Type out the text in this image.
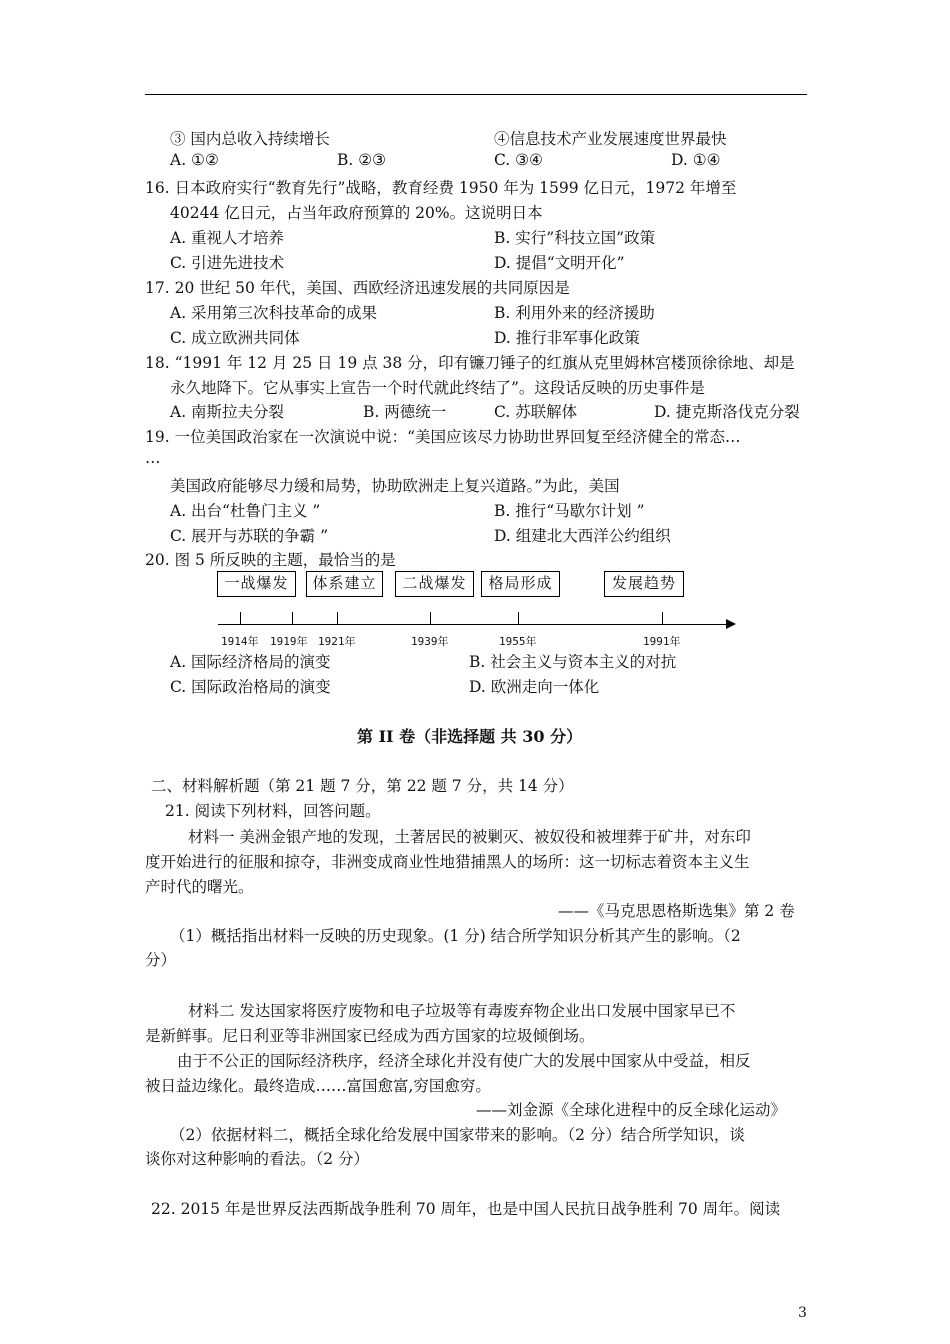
③ 国内总收入持续增长	④信息技术产业发展速度世界最快
A. ①②	B. ②③	C. ③④	D. ①④
16. 日本政府实行“教育先行”战略，教育经费 1950 年为 1599 亿日元，1972 年增至
40244 亿日元，占当年政府预算的 20%。这说明日本
A. 重视人才培养	B. 实行”科技立国”政策
C. 引进先进技术	D. 提倡“文明开化”
17. 20 世纪 50 年代，美国、西欧经济迅速发展的共同原因是
A. 采用第三次科技革命的成果	B. 利用外来的经济援助
C. 成立欧洲共同体	D. 推行非军事化政策
18. “1991 年 12 月 25 日 19 点 38 分，印有镰刀锤子的红旗从克里姆林宫楼顶徐徐地、却是
永久地降下。它从事实上宣告一个时代就此终结了”。这段话反映的历史事件是
A. 南斯拉夫分裂	B. 两德统一	C. 苏联解体	D. 捷克斯洛伐克分裂
19. 一位美国政治家在一次演说中说：“美国应该尽力协助世界回复至经济健全的常态…
…
美国政府能够尽力缓和局势，协助欧洲走上复兴道路。”为此，美国
A. 出台“杜鲁门主义 ”	B. 推行“马歇尔计划 ”
C. 展开与苏联的争霸 ”	D. 组建北大西洋公约组织
20. 图 5 所反映的主题，最恰当的是
一战爆发	体系建立	二战爆发	格局形成	发展趋势
1914年 1919年 1921年	1939年	1955年	1991年
A. 国际经济格局的演变	B. 社会主义与资本主义的对抗
C. 国际政治格局的演变	D. 欧洲走向一体化
第 II 卷（非选择题 共 30 分）
二、材料解析题（第 21 题 7 分，第 22 题 7 分，共 14 分）
21. 阅读下列材料，回答问题。
材料一 美洲金银产地的发现，土著居民的被剿灭、被奴役和被埋葬于矿井，对东印
度开始进行的征服和掠夺，非洲变成商业性地猎捕黑人的场所：这一切标志着资本主义生
产时代的曙光。
——《马克思恩格斯选集》第 2 卷
（1）概括指出材料一反映的历史现象。(1 分) 结合所学知识分析其产生的影响。（2
分）
材料二 发达国家将医疗废物和电子垃圾等有毒废弃物企业出口发展中国家早已不
是新鲜事。尼日利亚等非洲国家已经成为西方国家的垃圾倾倒场。
由于不公正的国际经济秩序，经济全球化并没有使广大的发展中国家从中受益，相反
被日益边缘化。最终造成……富国愈富,穷国愈穷。
——刘金源《全球化进程中的反全球化运动》
（2）依据材料二，概括全球化给发展中国家带来的影响。（2 分）结合所学知识，谈
谈你对这种影响的看法。（2 分）
22. 2015 年是世界反法西斯战争胜利 70 周年，也是中国人民抗日战争胜利 70 周年。阅读
3
